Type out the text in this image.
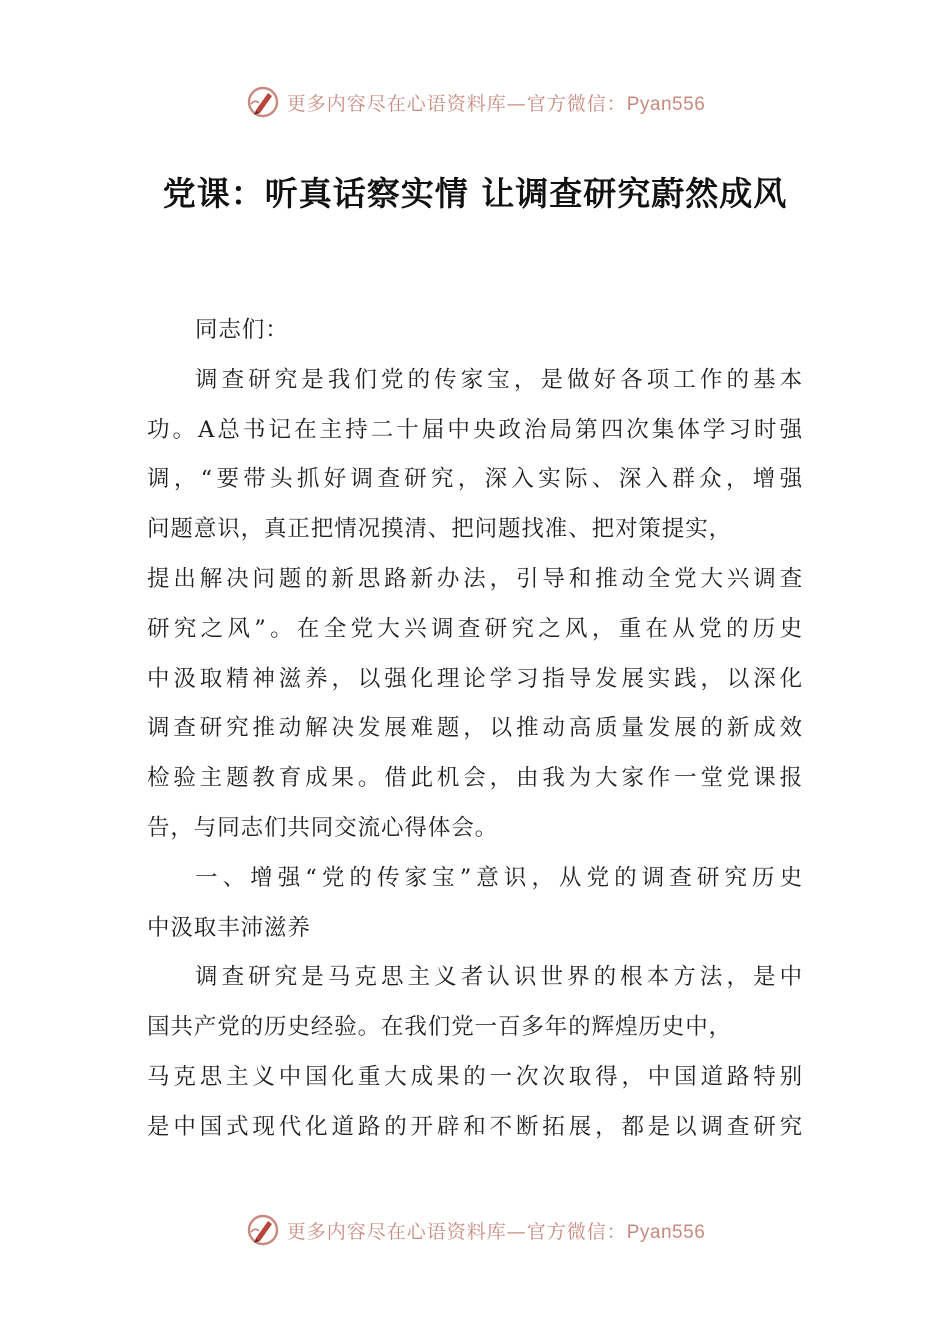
更多内容尽在心语资料库—官方微信：Pyan556
党课：听真话察实情 让调查研究蔚然成风
同志们：
调查研究是我们党的传家宝，是做好各项工作的基本
功。A总书记在主持二十届中央政治局第四次集体学习时强
调，“要带头抓好调查研究，深入实际、深入群众，增强
问题意识，真正把情况摸清、把问题找准、把对策提实，
提出解决问题的新思路新办法，引导和推动全党大兴调查
研究之风”。在全党大兴调查研究之风，重在从党的历史
中汲取精神滋养，以强化理论学习指导发展实践，以深化
调查研究推动解决发展难题，以推动高质量发展的新成效
检验主题教育成果。借此机会，由我为大家作一堂党课报
告，与同志们共同交流心得体会。
一、增强“党的传家宝”意识，从党的调查研究历史
中汲取丰沛滋养
调查研究是马克思主义者认识世界的根本方法，是中
国共产党的历史经验。在我们党一百多年的辉煌历史中，
马克思主义中国化重大成果的一次次取得，中国道路特别
是中国式现代化道路的开辟和不断拓展，都是以调查研究
更多内容尽在心语资料库—官方微信：Pyan556
